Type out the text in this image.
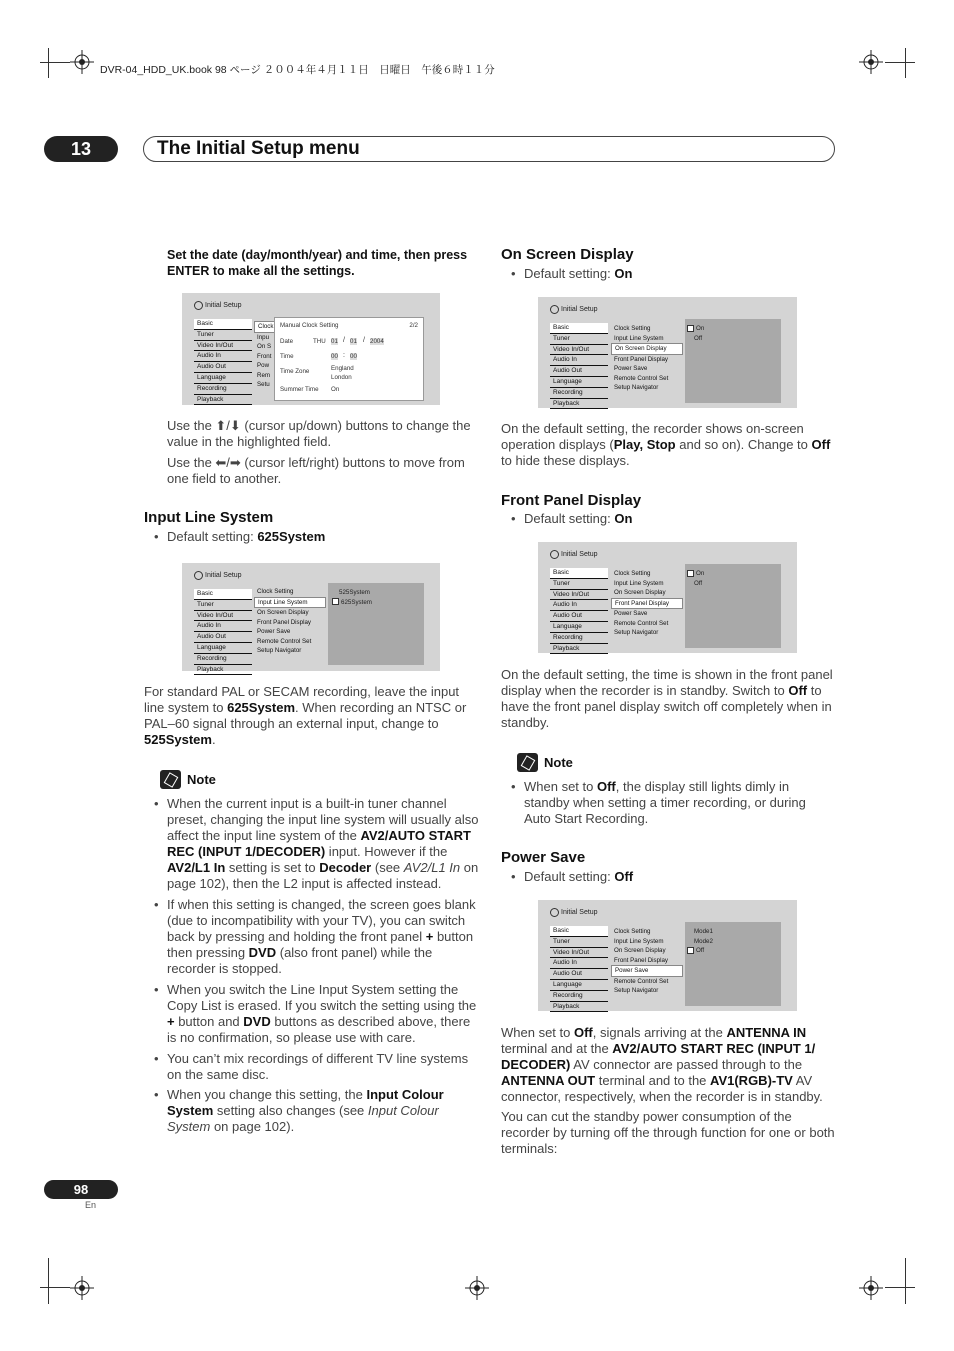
DVR-04_HDD_UK.book 98 ページ ２００４年４月１１日　日曜日　午後６時１１分
13	The Initial Setup menu
Set the date (day/month/year) and time, then press ENTER to make all the settings.
Initial Setup
Basic
Tuner
Video In/Out
Audio In
Audio Out
Language
Recording
Playback
Clock
Inpu
On S
Front
Pow
Rem
Setu
Manual Clock Setting	2/2
Date	THU 01 / 01 / 2004
Time	00 : 00
Time Zone	England
London
Summer Time On
Use the ⬆/⬇ (cursor up/down) buttons to change the value in the highlighted field.
Use the ⬅/➡ (cursor left/right) buttons to move from one field to another.
Input Line System
• Default setting: 625System
Initial Setup
Basic
Tuner
Video In/Out
Audio In
Audio Out
Language
Recording
Playback
Clock Setting
Input Line System
On Screen Display
Front Panel Display
Power Save
Remote Control Set
Setup Navigator
525System
625System
For standard PAL or SECAM recording, leave the input line system to 625System. When recording an NTSC or PAL–60 signal through an external input, change to 525System.
Note
• When the current input is a built-in tuner channel preset, changing the input line system will usually also affect the input line system of the AV2/AUTO START REC (INPUT 1/DECODER) input. However if the AV2/L1 In setting is set to Decoder (see AV2/L1 In on page 102), then the L2 input is affected instead.
• If when this setting is changed, the screen goes blank (due to incompatibility with your TV), you can switch back by pressing and holding the front panel + button then pressing DVD (also front panel) while the recorder is stopped.
• When you switch the Line Input System setting the Copy List is erased. If you switch the setting using the + button and DVD buttons as described above, there is no confirmation, so please use with care.
• You can’t mix recordings of different TV line systems on the same disc.
• When you change this setting, the Input Colour System setting also changes (see Input Colour System on page 102).
On Screen Display
• Default setting: On
Initial Setup
Basic
Tuner
Video In/Out
Audio In
Audio Out
Language
Recording
Playback
Clock Setting
Input Line System
On Screen Display
Front Panel Display
Power Save
Remote Control Set
Setup Navigator
On
Off
On the default setting, the recorder shows on-screen operation displays (Play, Stop and so on). Change to Off to hide these displays.
Front Panel Display
• Default setting: On
Initial Setup
Basic
Tuner
Video In/Out
Audio In
Audio Out
Language
Recording
Playback
Clock Setting
Input Line System
On Screen Display
Front Panel Display
Power Save
Remote Control Set
Setup Navigator
On
Off
On the default setting, the time is shown in the front panel display when the recorder is in standby. Switch to Off to have the front panel display switch off completely when in standby.
Note
• When set to Off, the display still lights dimly in standby when setting a timer recording, or during Auto Start Recording.
Power Save
• Default setting: Off
Initial Setup
Basic
Tuner
Video In/Out
Audio In
Audio Out
Language
Recording
Playback
Clock Setting
Input Line System
On Screen Display
Front Panel Display
Power Save
Remote Control Set
Setup Navigator
Mode1
Mode2
Off
When set to Off, signals arriving at the ANTENNA IN terminal and at the AV2/AUTO START REC (INPUT 1/ DECODER) AV connector are passed through to the ANTENNA OUT terminal and to the AV1(RGB)-TV AV connector, respectively, when the recorder is in standby.
You can cut the standby power consumption of the recorder by turning off the through function for one or both terminals:
98
En
